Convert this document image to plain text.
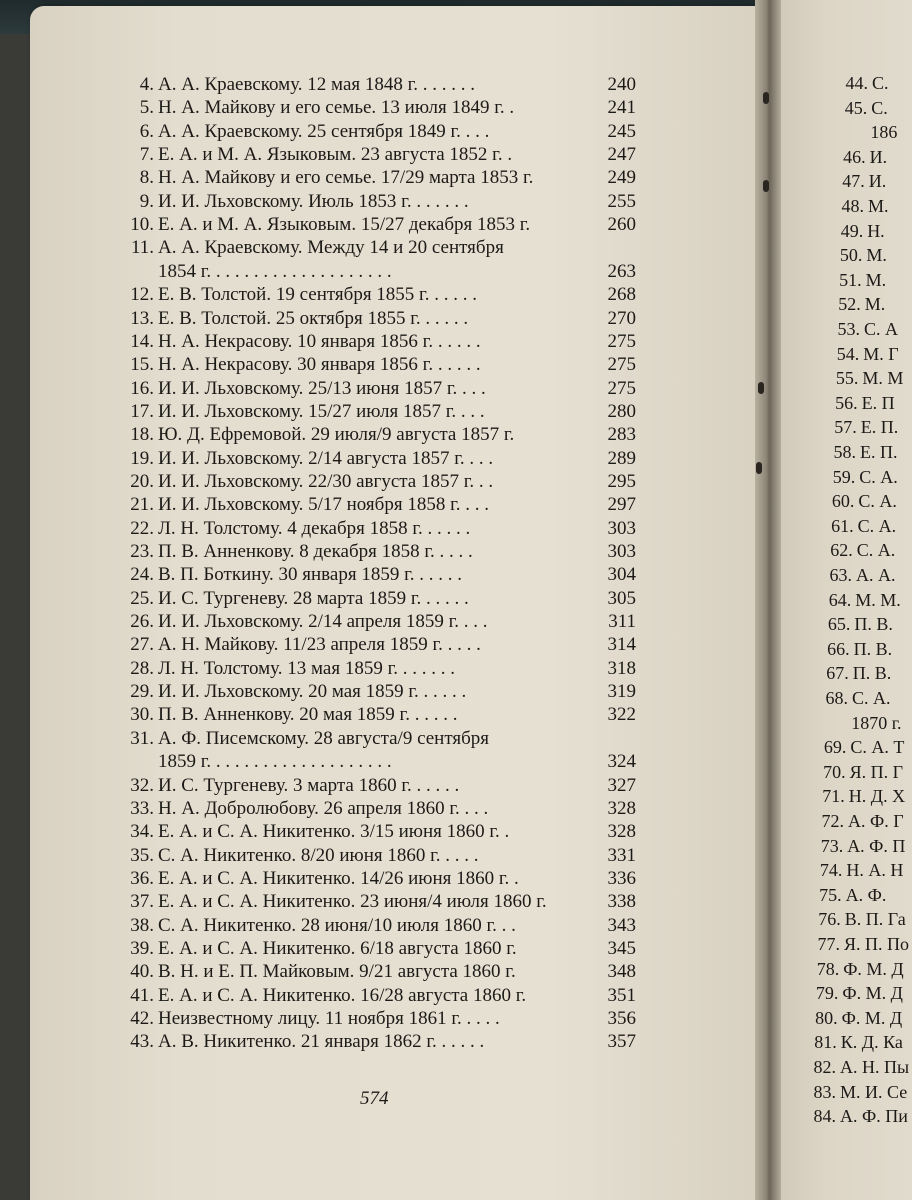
4. А. А. Краевскому. 12 мая 1848 г. . . . . . .	240
5. Н. А. Майкову и его семье. 13 июля 1849 г. .	241
6. А. А. Краевскому. 25 сентября 1849 г. . . .	245
7. Е. А. и М. А. Языковым. 23 августа 1852 г. .	247
8. Н. А. Майкову и его семье. 17/29 марта 1853 г.	249
9. И. И. Льховскому. Июль 1853 г. . . . . . .	255
10. Е. А. и М. А. Языковым. 15/27 декабря 1853 г.	260
11. А. А. Краевскому. Между 14 и 20 сентября
1854 г. . . . . . . . . . . . . . . . . . . .	263
12. Е. В. Толстой. 19 сентября 1855 г. . . . . .	268
13. Е. В. Толстой. 25 октября 1855 г. . . . . .	270
14. Н. А. Некрасову. 10 января 1856 г. . . . . .	275
15. Н. А. Некрасову. 30 января 1856 г. . . . . .	275
16. И. И. Льховскому. 25/13 июня 1857 г. . . .	275
17. И. И. Льховскому. 15/27 июля 1857 г. . . .	280
18. Ю. Д. Ефремовой. 29 июля/9 августа 1857 г.	283
19. И. И. Льховскому. 2/14 августа 1857 г. . . .	289
20. И. И. Льховскому. 22/30 августа 1857 г. . .	295
21. И. И. Льховскому. 5/17 ноября 1858 г. . . .	297
22. Л. Н. Толстому. 4 декабря 1858 г. . . . . .	303
23. П. В. Анненкову. 8 декабря 1858 г. . . . .	303
24. В. П. Боткину. 30 января 1859 г. . . . . .	304
25. И. С. Тургеневу. 28 марта 1859 г. . . . . .	305
26. И. И. Льховскому. 2/14 апреля 1859 г. . . .	311
27. А. Н. Майкову. 11/23 апреля 1859 г. . . . .	314
28. Л. Н. Толстому. 13 мая 1859 г. . . . . . .	318
29. И. И. Льховскому. 20 мая 1859 г. . . . . .	319
30. П. В. Анненкову. 20 мая 1859 г. . . . . .	322
31. А. Ф. Писемскому. 28 августа/9 сентября
1859 г. . . . . . . . . . . . . . . . . . . .	324
32. И. С. Тургеневу. 3 марта 1860 г. . . . . .	327
33. Н. А. Добролюбову. 26 апреля 1860 г. . . .	328
34. Е. А. и С. А. Никитенко. 3/15 июня 1860 г. .	328
35. С. А. Никитенко. 8/20 июня 1860 г. . . . .	331
36. Е. А. и С. А. Никитенко. 14/26 июня 1860 г. .	336
37. Е. А. и С. А. Никитенко. 23 июня/4 июля 1860 г.	338
38. С. А. Никитенко. 28 июня/10 июля 1860 г. . .	343
39. Е. А. и С. А. Никитенко. 6/18 августа 1860 г.	345
40. В. Н. и Е. П. Майковым. 9/21 августа 1860 г.	348
41. Е. А. и С. А. Никитенко. 16/28 августа 1860 г.	351
42. Неизвестному лицу. 11 ноября 1861 г. . . . .	356
43. А. В. Никитенко. 21 января 1862 г. . . . . .	357
574
44. С.
45. С.
186
46. И.
47. И.
48. М.
49. Н.
50. М.
51. М.
52. М.
53. С. А
54. М. Г
55. М. М
56. Е. П
57. Е. П.
58. Е. П.
59. С. А.
60. С. А.
61. С. А.
62. С. А.
63. А. А.
64. М. М.
65. П. В.
66. П. В.
67. П. В.
68. С. А.
1870 г.
69. С. А. Т
70. Я. П. Г
71. Н. Д. Х
72. А. Ф. Г
73. А. Ф. П
74. Н. А. Н
75. А. Ф.
76. В. П. Га
77. Я. П. По
78. Ф. М. Д
79. Ф. М. Д
80. Ф. М. Д
81. К. Д. Ка
82. А. Н. Пы
83. М. И. Се
84. А. Ф. Пи
